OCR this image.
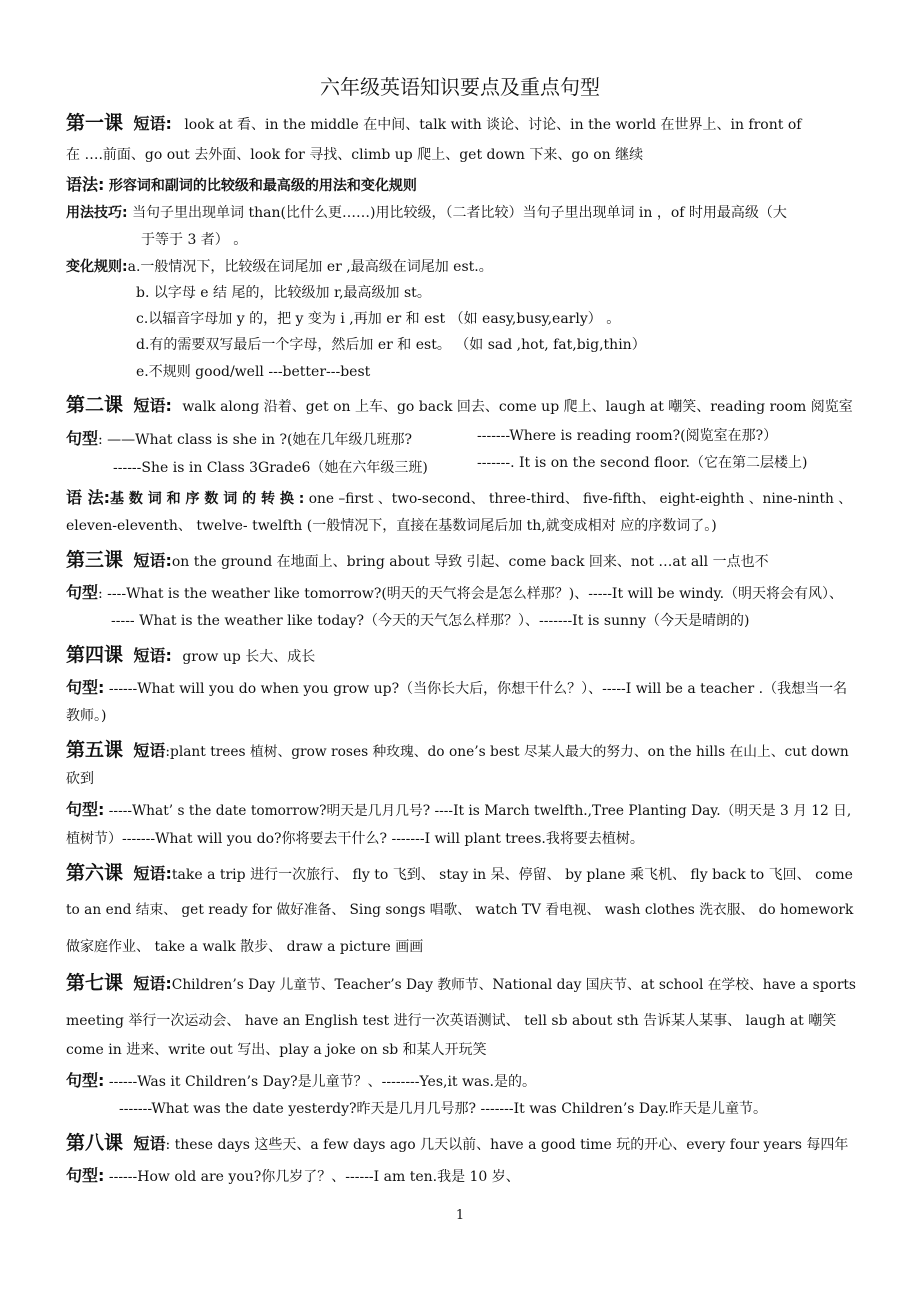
六年级英语知识要点及重点句型
第一课 短语: look at 看、in the middle 在中间、talk with 谈论、讨论、in the world 在世界上、in front of
在 ….前面、go out 去外面、look for 寻找、climb up 爬上、get down 下来、go on 继续
语法: 形容词和副词的比较级和最高级的用法和变化规则
用法技巧: 当句子里出现单词 than(比什么更……)用比较级，（二者比较）当句子里出现单词 in ，of 时用最高级（大
于等于 3 者） 。
变化规则:a.一般情况下，比较级在词尾加 er ,最高级在词尾加 est.。
b. 以字母 e 结 尾的，比较级加 r,最高级加 st。
c.以辐音字母加 y 的，把 y 变为 i ,再加 er 和 est （如 easy,busy,early） 。
d.有的需要双写最后一个字母，然后加 er 和 est。 （如 sad ,hot, fat,big,thin）
e.不规则 good/well ---better---best
第二课 短语: walk along 沿着、get on 上车、go back 回去、come up 爬上、laugh at 嘲笑、reading room 阅览室
句型: ——What class is she in ?(她在几年级几班那?	-------Where is reading room?(阅览室在那?）
-------. It is on the second floor.（它在第二层楼上)
------She is in Class 3Grade6（她在六年级三班)
语 法:基 数 词 和 序 数 词 的 转 换 : one –first 、two-second、 three-third、 five-fifth、 eight-eighth 、nine-ninth 、
eleven-eleventh、 twelve- twelfth (一般情况下，直接在基数词尾后加 th,就变成相对 应的序数词了。)
第三课 短语:on the ground 在地面上、bring about 导致 引起、come back 回来、not …at all 一点也不
句型: ----What is the weather like tomorrow?(明天的天气将会是怎么样那？)、-----It will be windy.（明天将会有风）、
----- What is the weather like today?（今天的天气怎么样那？）、-------It is sunny（今天是晴朗的)
第四课 短语: grow up 长大、成长
句型: ------What will you do when you grow up?（当你长大后，你想干什么？）、-----I will be a teacher .（我想当一名
教师。)
第五课 短语:plant trees 植树、grow roses 种玫瑰、do one’s best 尽某人最大的努力、on the hills 在山上、cut down
砍到
句型: -----What’ s the date tomorrow?明天是几月几号? ----It is March twelfth.,Tree Planting Day.（明天是 3 月 12 日,
植树节）-------What will you do?你将要去干什么? -------I will plant trees.我将要去植树。
第六课 短语:take a trip 进行一次旅行、 fly to 飞到、 stay in 呆、停留、 by plane 乘飞机、 fly back to 飞回、 come
to an end 结束、 get ready for 做好准备、 Sing songs 唱歌、 watch TV 看电视、 wash clothes 洗衣服、 do homework
做家庭作业、 take a walk 散步、 draw a picture 画画
第七课 短语:Children’s Day 儿童节、Teacher’s Day 教师节、National day 国庆节、at school 在学校、have a sports
meeting 举行一次运动会、 have an English test 进行一次英语测试、 tell sb about sth 告诉某人某事、 laugh at 嘲笑
come in 进来、write out 写出、play a joke on sb 和某人开玩笑
句型: ------Was it Children’s Day?是儿童节？、--------Yes,it was.是的。
-------What was the date yesterdy?昨天是几月几号那? -------It was Children’s Day.昨天是儿童节。
第八课 短语: these days 这些天、a few days ago 几天以前、have a good time 玩的开心、every four years 每四年
句型: ------How old are you?你几岁了？、------I am ten.我是 10 岁、
1
